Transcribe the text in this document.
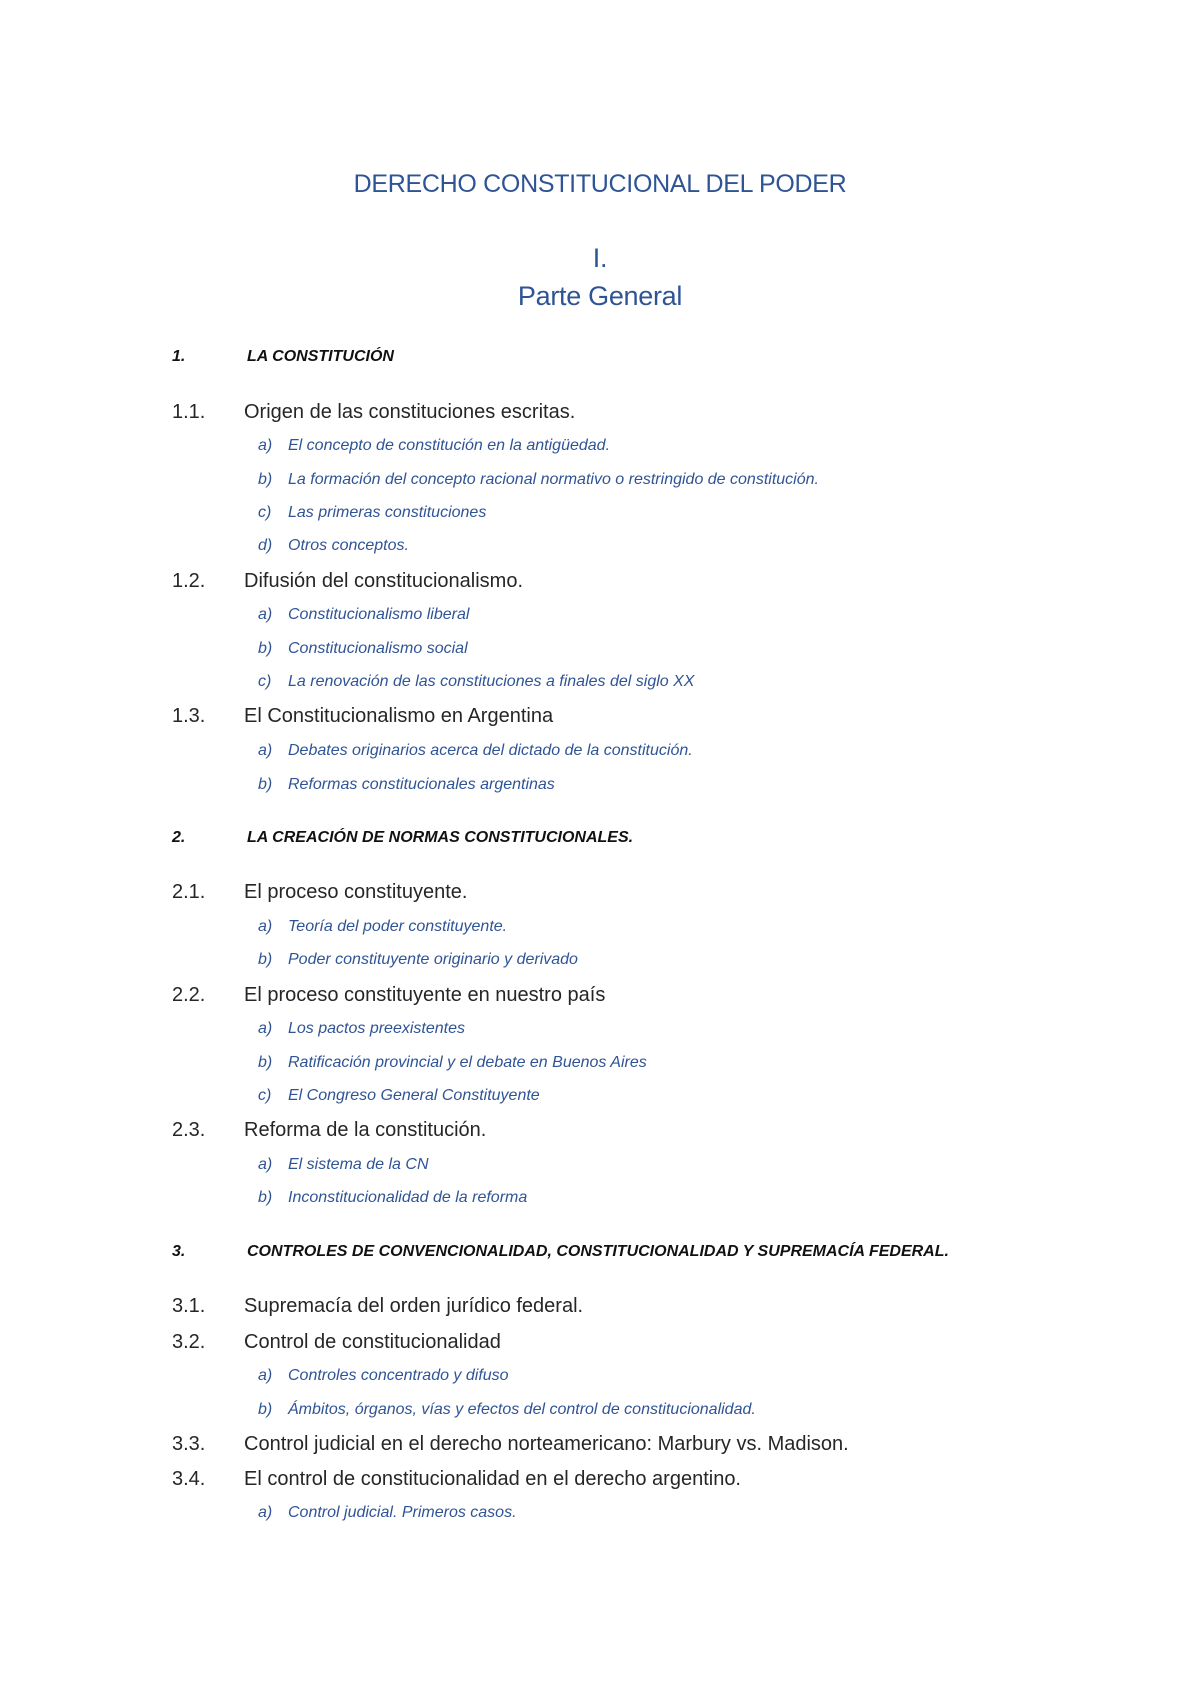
DERECHO CONSTITUCIONAL DEL PODER
I.
Parte General
1.	LA CONSTITUCIÓN
1.1.	Origen de las constituciones escritas.
a) El concepto de constitución en la antigüedad.
b) La formación del concepto racional normativo o restringido de constitución.
c)	Las primeras constituciones
d) Otros conceptos.
1.2.	Difusión del constitucionalismo.
a) Constitucionalismo liberal
b) Constitucionalismo social
c)	La renovación de las constituciones a finales del siglo XX
1.3.	El Constitucionalismo en Argentina
a) Debates originarios acerca del dictado de la constitución.
b) Reformas constitucionales argentinas
2.	LA CREACIÓN DE NORMAS CONSTITUCIONALES.
2.1.	El proceso constituyente.
a) Teoría del poder constituyente.
b) Poder constituyente originario y derivado
2.2.	El proceso constituyente en nuestro país
a) Los pactos preexistentes
b) Ratificación provincial y el debate en Buenos Aires
c)	El Congreso General Constituyente
2.3.	Reforma de la constitución.
a) El sistema de la CN
b) Inconstitucionalidad de la reforma
3.	CONTROLES DE CONVENCIONALIDAD, CONSTITUCIONALIDAD Y SUPREMACÍA FEDERAL.
3.1.	Supremacía del orden jurídico federal.
3.2.	Control de constitucionalidad
a) Controles concentrado y difuso
b) Ámbitos, órganos, vías y efectos del control de constitucionalidad.
3.3.	Control judicial en el derecho norteamericano: Marbury vs. Madison.
3.4.	El control de constitucionalidad en el derecho argentino.
a) Control judicial. Primeros casos.
